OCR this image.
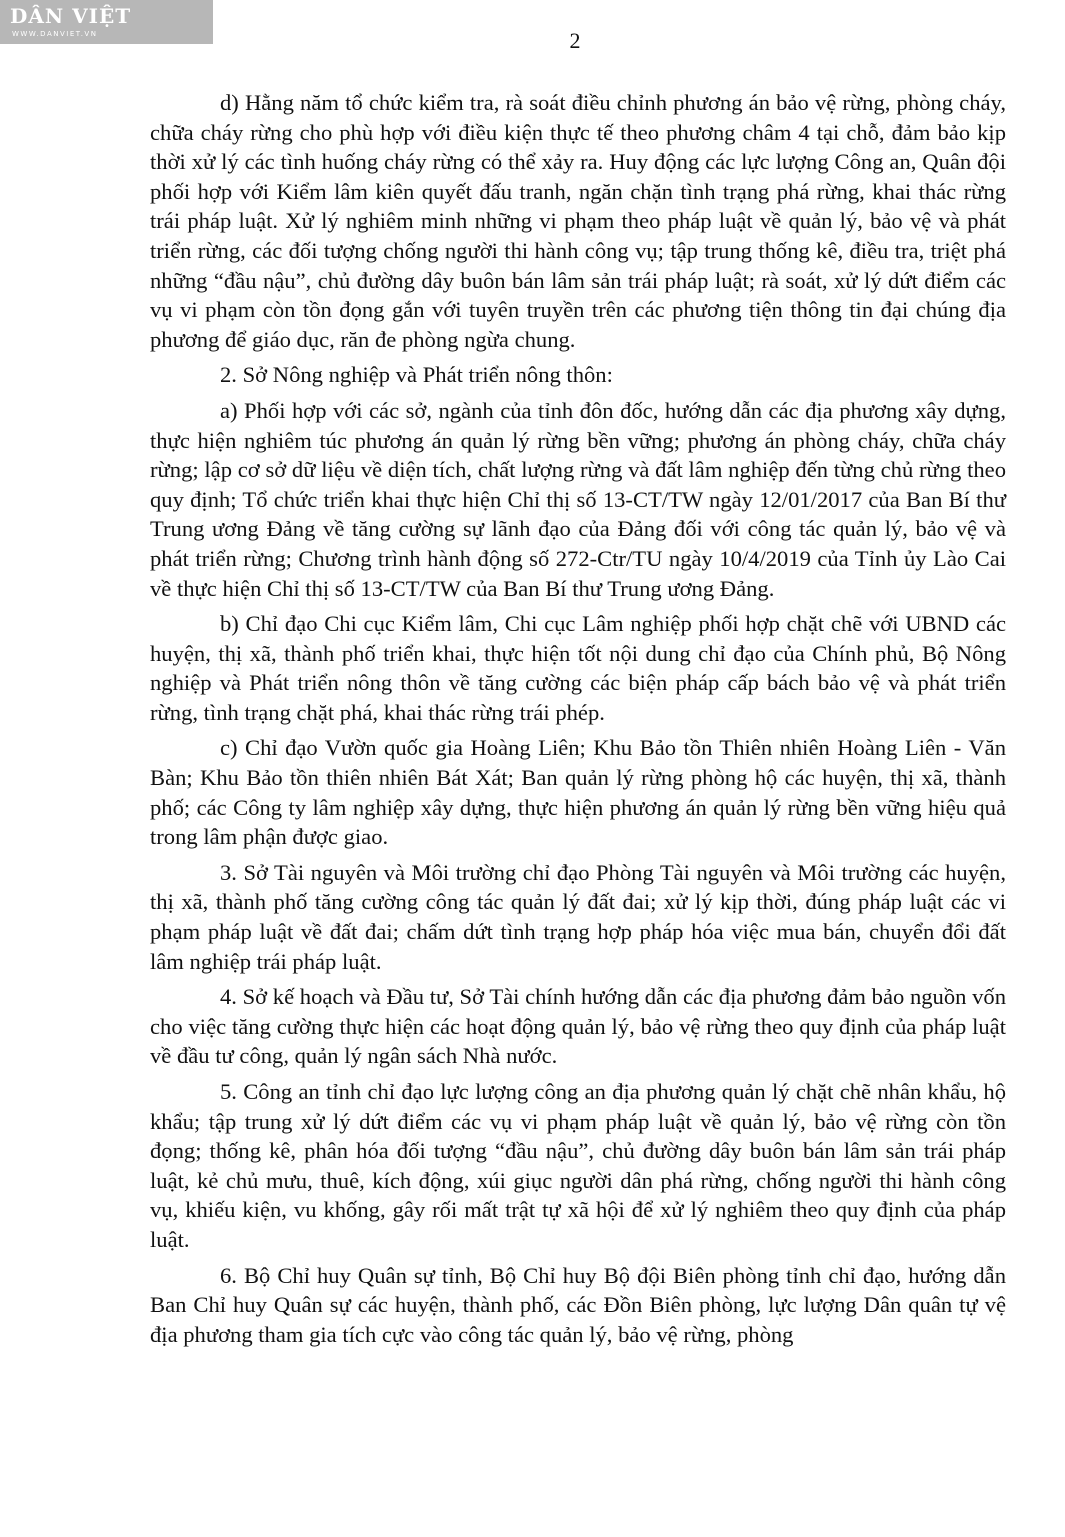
DÂN VIỆT
WWW.DANVIET.VN	2

d) Hằng năm tổ chức kiểm tra, rà soát điều chỉnh phương án bảo vệ rừng, phòng cháy, chữa cháy rừng cho phù hợp với điều kiện thực tế theo phương châm 4 tại chỗ, đảm bảo kịp thời xử lý các tình huống cháy rừng có thể xảy ra. Huy động các lực lượng Công an, Quân đội phối hợp với Kiểm lâm kiên quyết đấu tranh, ngăn chặn tình trạng phá rừng, khai thác rừng trái pháp luật. Xử lý nghiêm minh những vi phạm theo pháp luật về quản lý, bảo vệ và phát triển rừng, các đối tượng chống người thi hành công vụ; tập trung thống kê, điều tra, triệt phá những “đầu nậu”, chủ đường dây buôn bán lâm sản trái pháp luật; rà soát, xử lý dứt điểm các vụ vi phạm còn tồn đọng gắn với tuyên truyền trên các phương tiện thông tin đại chúng địa phương để giáo dục, răn đe phòng ngừa chung.

2. Sở Nông nghiệp và Phát triển nông thôn:

a) Phối hợp với các sở, ngành của tỉnh đôn đốc, hướng dẫn các địa phương xây dựng, thực hiện nghiêm túc phương án quản lý rừng bền vững; phương án phòng cháy, chữa cháy rừng; lập cơ sở dữ liệu về diện tích, chất lượng rừng và đất lâm nghiệp đến từng chủ rừng theo quy định; Tổ chức triển khai thực hiện Chỉ thị số 13-CT/TW ngày 12/01/2017 của Ban Bí thư Trung ương Đảng về tăng cường sự lãnh đạo của Đảng đối với công tác quản lý, bảo vệ và phát triển rừng; Chương trình hành động số 272-Ctr/TU ngày 10/4/2019 của Tỉnh ủy Lào Cai về thực hiện Chỉ thị số 13-CT/TW của Ban Bí thư Trung ương Đảng.

b) Chỉ đạo Chi cục Kiểm lâm, Chi cục Lâm nghiệp phối hợp chặt chẽ với UBND các huyện, thị xã, thành phố triển khai, thực hiện tốt nội dung chỉ đạo của Chính phủ, Bộ Nông nghiệp và Phát triển nông thôn về tăng cường các biện pháp cấp bách bảo vệ và phát triển rừng, tình trạng chặt phá, khai thác rừng trái phép.

c) Chỉ đạo Vườn quốc gia Hoàng Liên; Khu Bảo tồn Thiên nhiên Hoàng Liên - Văn Bàn; Khu Bảo tồn thiên nhiên Bát Xát; Ban quản lý rừng phòng hộ các huyện, thị xã, thành phố; các Công ty lâm nghiệp xây dựng, thực hiện phương án quản lý rừng bền vững hiệu quả trong lâm phận được giao.

3. Sở Tài nguyên và Môi trường chỉ đạo Phòng Tài nguyên và Môi trường các huyện, thị xã, thành phố tăng cường công tác quản lý đất đai; xử lý kịp thời, đúng pháp luật các vi phạm pháp luật về đất đai; chấm dứt tình trạng hợp pháp hóa việc mua bán, chuyển đổi đất lâm nghiệp trái pháp luật.

4. Sở kế hoạch và Đầu tư, Sở Tài chính hướng dẫn các địa phương đảm bảo nguồn vốn cho việc tăng cường thực hiện các hoạt động quản lý, bảo vệ rừng theo quy định của pháp luật về đầu tư công, quản lý ngân sách Nhà nước.

5. Công an tỉnh chỉ đạo lực lượng công an địa phương quản lý chặt chẽ nhân khẩu, hộ khẩu; tập trung xử lý dứt điểm các vụ vi phạm pháp luật về quản lý, bảo vệ rừng còn tồn đọng; thống kê, phân hóa đối tượng “đầu nậu”, chủ đường dây buôn bán lâm sản trái pháp luật, kẻ chủ mưu, thuê, kích động, xúi giục người dân phá rừng, chống người thi hành công vụ, khiếu kiện, vu khống, gây rối mất trật tự xã hội để xử lý nghiêm theo quy định của pháp luật.

6. Bộ Chỉ huy Quân sự tỉnh, Bộ Chỉ huy Bộ đội Biên phòng tỉnh chỉ đạo, hướng dẫn Ban Chỉ huy Quân sự các huyện, thành phố, các Đồn Biên phòng, lực lượng Dân quân tự vệ địa phương tham gia tích cực vào công tác quản lý, bảo vệ rừng, phòng
